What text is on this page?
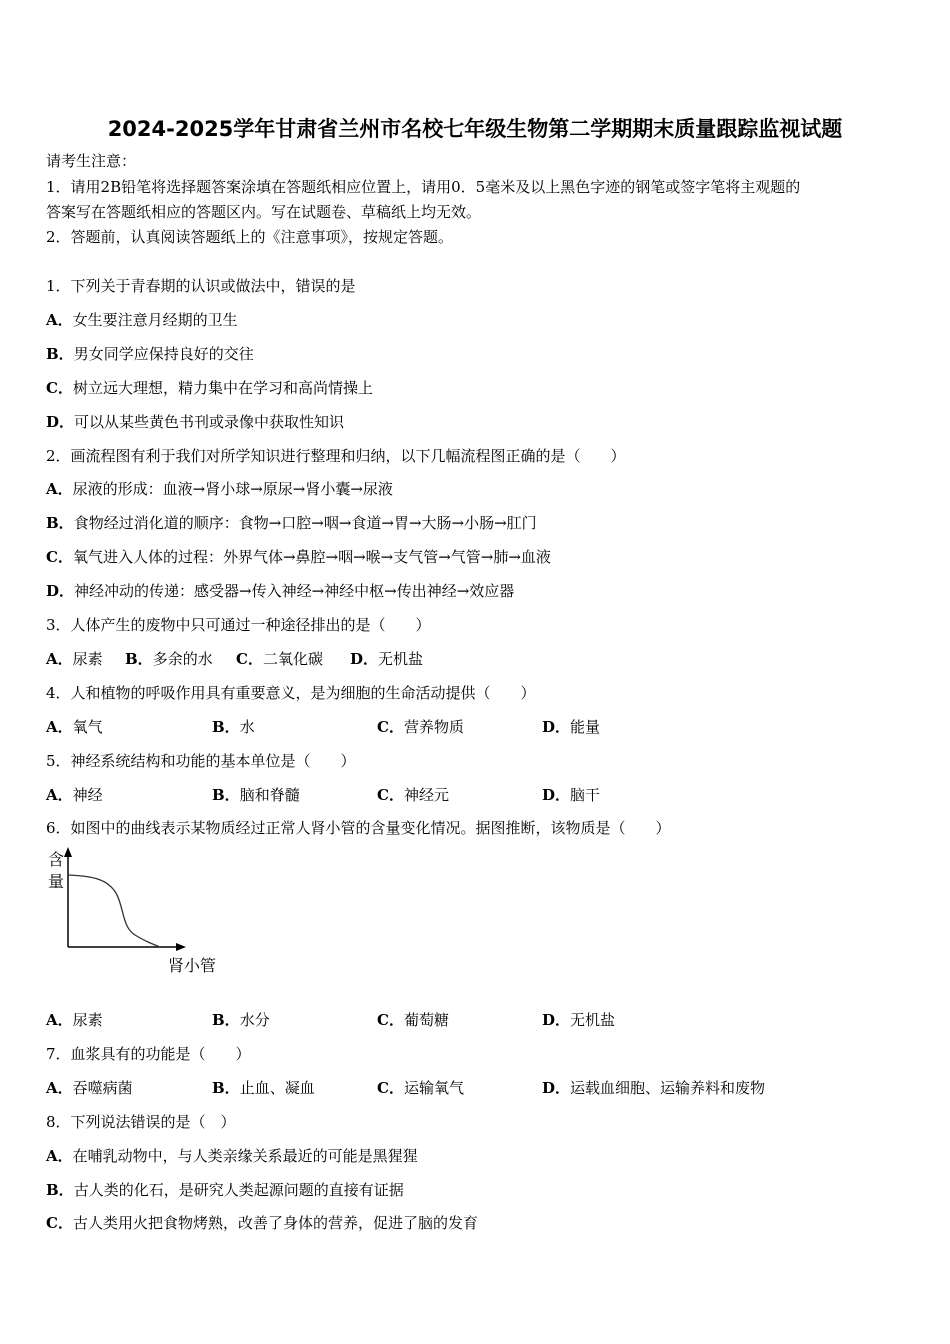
2024-2025学年甘肃省兰州市名校七年级生物第二学期期末质量跟踪监视试题
请考生注意：
1．请用2B铅笔将选择题答案涂填在答题纸相应位置上，请用0．5毫米及以上黑色字迹的钢笔或签字笔将主观题的
答案写在答题纸相应的答题区内。写在试题卷、草稿纸上均无效。
2．答题前，认真阅读答题纸上的《注意事项》，按规定答题。
含
量
肾小管
1．下列关于青春期的认识或做法中，错误的是
A．女生要注意月经期的卫生
B．男女同学应保持良好的交往
C．树立远大理想，精力集中在学习和高尚情操上
D．可以从某些黄色书刊或录像中获取性知识
2．画流程图有利于我们对所学知识进行整理和归纳，以下几幅流程图正确的是（　　）
A．尿液的形成：血液→肾小球→原尿→肾小囊→尿液
B．食物经过消化道的顺序：食物→口腔→咽→食道→胃→大肠→小肠→肛门
C．氧气进入人体的过程：外界气体→鼻腔→咽→喉→支气管→气管→肺→血液
D．神经冲动的传递：感受器→传入神经→神经中枢→传出神经→效应器
3．人体产生的废物中只可通过一种途径排出的是（　　）
A．尿素 B．多余的水 C．二氧化碳 D．无机盐
4．人和植物的呼吸作用具有重要意义，是为细胞的生命活动提供（　　）
A．氧气	B．水	C．营养物质	D．能量
5．神经系统结构和功能的基本单位是（　　）
A．神经	B．脑和脊髓	C．神经元	D．脑干
6．如图中的曲线表示某物质经过正常人肾小管的含量变化情况。据图推断，该物质是（　　）
A．尿素	B．水分	C．葡萄糖	D．无机盐
7．血浆具有的功能是（　　）
A．吞噬病菌	B．止血、凝血	C．运输氧气	D．运载血细胞、运输养料和废物
8．下列说法错误的是（　）
A．在哺乳动物中，与人类亲缘关系最近的可能是黑猩猩
B．古人类的化石，是研究人类起源问题的直接有证据
C．古人类用火把食物烤熟，改善了身体的营养，促进了脑的发育
